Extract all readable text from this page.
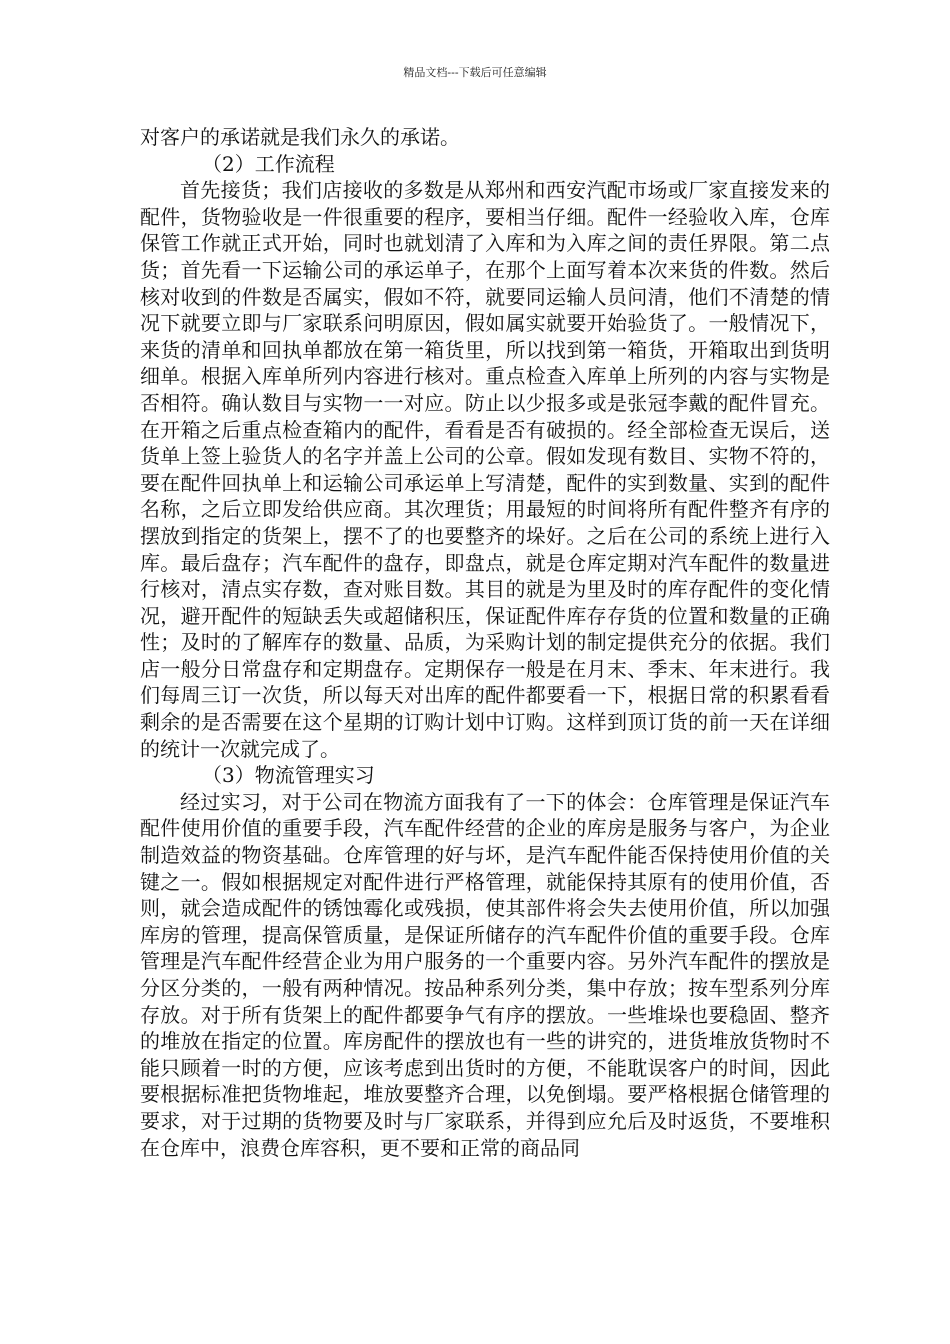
精品文档---下载后可任意编辑

对客户的承诺就是我们永久的承诺。

（2）工作流程

首先接货；我们店接收的多数是从郑州和西安汽配市场或厂家直接发来的配件，货物验收是一件很重要的程序，要相当仔细。配件一经验收入库，仓库保管工作就正式开始，同时也就划清了入库和为入库之间的责任界限。第二点货；首先看一下运输公司的承运单子，在那个上面写着本次来货的件数。然后核对收到的件数是否属实，假如不符，就要同运输人员问清，他们不清楚的情况下就要立即与厂家联系问明原因，假如属实就要开始验货了。一般情况下，来货的清单和回执单都放在第一箱货里，所以找到第一箱货，开箱取出到货明细单。根据入库单所列内容进行核对。重点检查入库单上所列的内容与实物是否相符。确认数目与实物一一对应。防止以少报多或是张冠李戴的配件冒充。在开箱之后重点检查箱内的配件，看看是否有破损的。经全部检查无误后，送货单上签上验货人的名字并盖上公司的公章。假如发现有数目、实物不符的，要在配件回执单上和运输公司承运单上写清楚，配件的实到数量、实到的配件名称，之后立即发给供应商。其次理货；用最短的时间将所有配件整齐有序的摆放到指定的货架上，摆不了的也要整齐的垛好。之后在公司的系统上进行入库。最后盘存；汽车配件的盘存，即盘点，就是仓库定期对汽车配件的数量进行核对，清点实存数，查对账目数。其目的就是为里及时的库存配件的变化情况，避开配件的短缺丢失或超储积压，保证配件库存存货的位置和数量的正确性；及时的了解库存的数量、品质，为采购计划的制定提供充分的依据。我们店一般分日常盘存和定期盘存。定期保存一般是在月末、季末、年末进行。我们每周三订一次货，所以每天对出库的配件都要看一下，根据日常的积累看看剩余的是否需要在这个星期的订购计划中订购。这样到顶订货的前一天在详细的统计一次就完成了。

（3）物流管理实习

经过实习，对于公司在物流方面我有了一下的体会：仓库管理是保证汽车配件使用价值的重要手段，汽车配件经营的企业的库房是服务与客户，为企业制造效益的物资基础。仓库管理的好与坏，是汽车配件能否保持使用价值的关键之一。假如根据规定对配件进行严格管理，就能保持其原有的使用价值，否则，就会造成配件的锈蚀霉化或残损，使其部件将会失去使用价值，所以加强库房的管理，提高保管质量，是保证所储存的汽车配件价值的重要手段。仓库管理是汽车配件经营企业为用户服务的一个重要内容。另外汽车配件的摆放是分区分类的，一般有两种情况。按品种系列分类，集中存放；按车型系列分库存放。对于所有货架上的配件都要争气有序的摆放。一些堆垛也要稳固、整齐的堆放在指定的位置。库房配件的摆放也有一些的讲究的，进货堆放货物时不能只顾着一时的方便，应该考虑到出货时的方便，不能耽误客户的时间，因此要根据标准把货物堆起，堆放要整齐合理，以免倒塌。要严格根据仓储管理的要求，对于过期的货物要及时与厂家联系，并得到应允后及时返货，不要堆积在仓库中，浪费仓库容积，更不要和正常的商品同
